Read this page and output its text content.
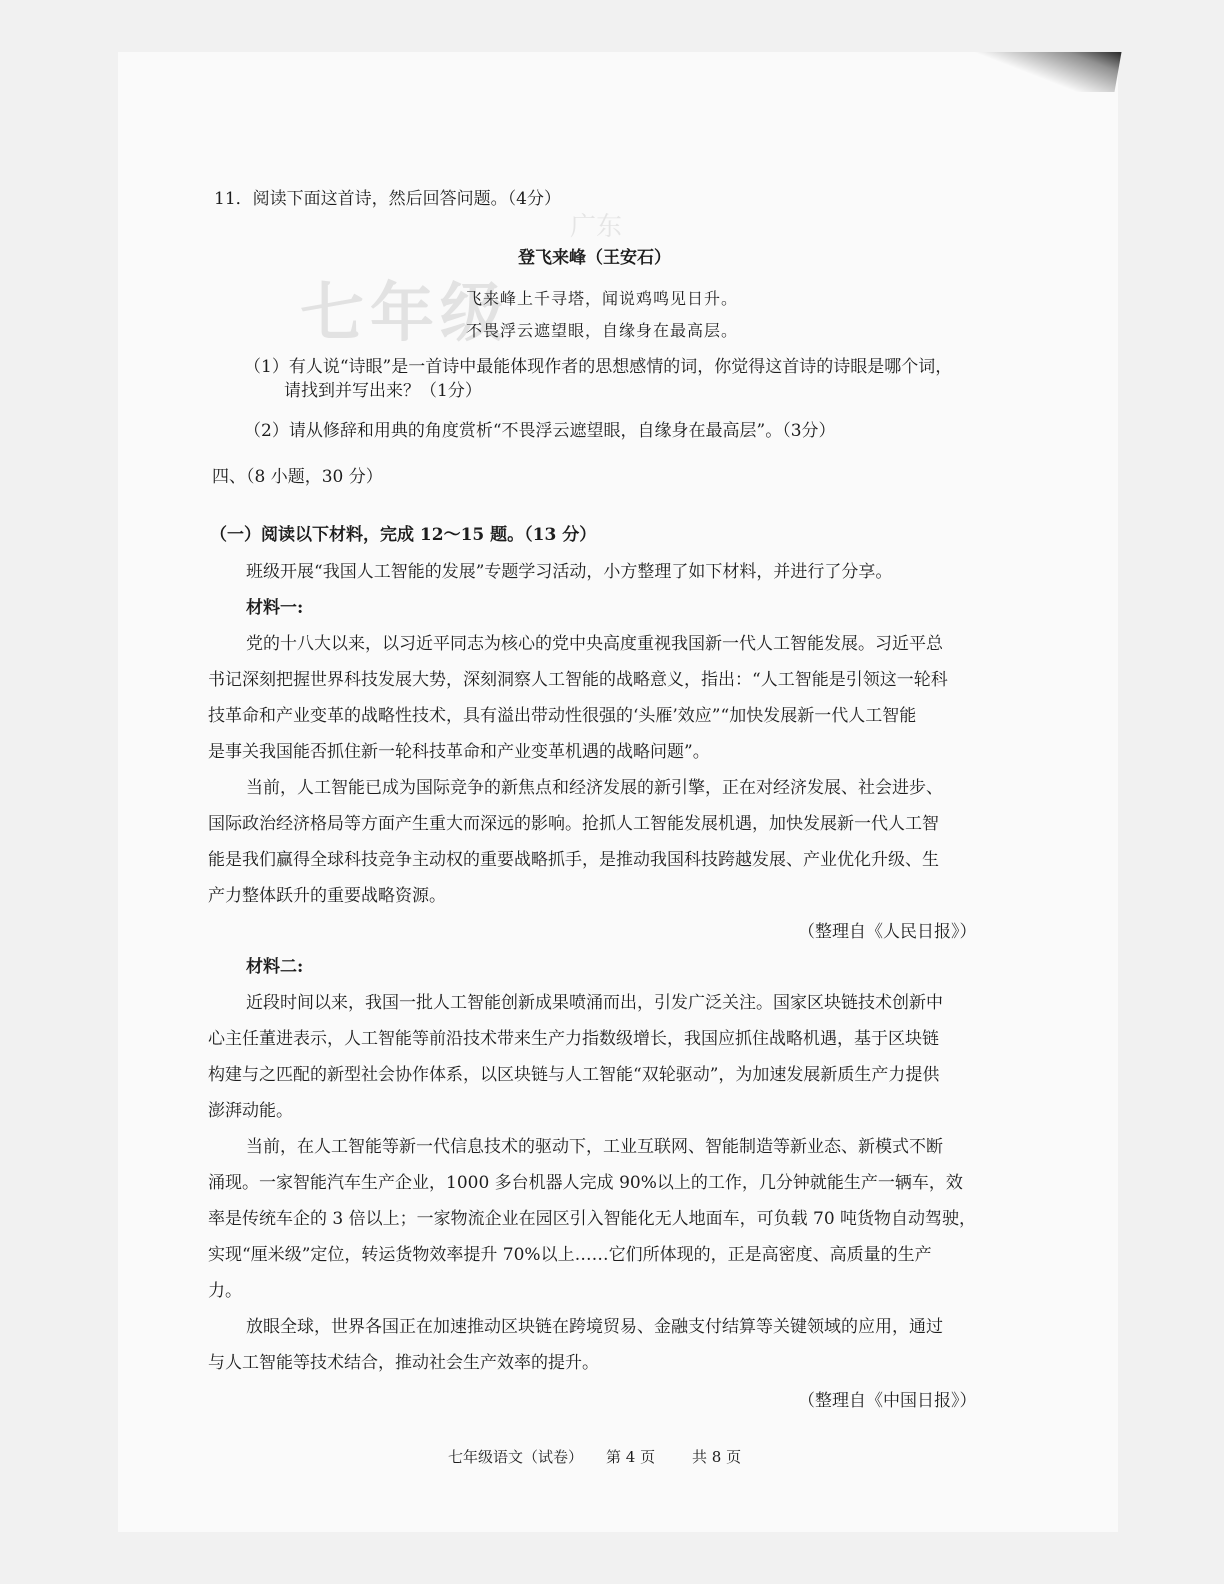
广东
七年级
11．阅读下面这首诗，然后回答问题。（4分）
登飞来峰（王安石）
飞来峰上千寻塔，闻说鸡鸣见日升。
不畏浮云遮望眼，自缘身在最高层。
（1）有人说“诗眼”是一首诗中最能体现作者的思想感情的词，你觉得这首诗的诗眼是哪个词，
请找到并写出来？（1分）
（2）请从修辞和用典的角度赏析“不畏浮云遮望眼，自缘身在最高层”。（3分）
四、（8 小题，30 分）
（一）阅读以下材料，完成 12～15 题。（13 分）
班级开展“我国人工智能的发展”专题学习活动，小方整理了如下材料，并进行了分享。
材料一:
党的十八大以来，以习近平同志为核心的党中央高度重视我国新一代人工智能发展。习近平总
书记深刻把握世界科技发展大势，深刻洞察人工智能的战略意义，指出：“人工智能是引领这一轮科
技革命和产业变革的战略性技术，具有溢出带动性很强的‘头雁’效应”“加快发展新一代人工智能
是事关我国能否抓住新一轮科技革命和产业变革机遇的战略问题”。
当前，人工智能已成为国际竞争的新焦点和经济发展的新引擎，正在对经济发展、社会进步、
国际政治经济格局等方面产生重大而深远的影响。抢抓人工智能发展机遇，加快发展新一代人工智
能是我们赢得全球科技竞争主动权的重要战略抓手，是推动我国科技跨越发展、产业优化升级、生
产力整体跃升的重要战略资源。
（整理自《人民日报》）
材料二:
近段时间以来，我国一批人工智能创新成果喷涌而出，引发广泛关注。国家区块链技术创新中
心主任董进表示，人工智能等前沿技术带来生产力指数级增长，我国应抓住战略机遇，基于区块链
构建与之匹配的新型社会协作体系，以区块链与人工智能“双轮驱动”，为加速发展新质生产力提供
澎湃动能。
当前，在人工智能等新一代信息技术的驱动下，工业互联网、智能制造等新业态、新模式不断
涌现。一家智能汽车生产企业，1000 多台机器人完成 90%以上的工作，几分钟就能生产一辆车，效
率是传统车企的 3 倍以上；一家物流企业在园区引入智能化无人地面车，可负载 70 吨货物自动驾驶，
实现“厘米级”定位，转运货物效率提升 70%以上……它们所体现的，正是高密度、高质量的生产
力。
放眼全球，世界各国正在加速推动区块链在跨境贸易、金融支付结算等关键领域的应用，通过
与人工智能等技术结合，推动社会生产效率的提升。
（整理自《中国日报》）
七年级语文（试卷） 第 4 页 共 8 页
